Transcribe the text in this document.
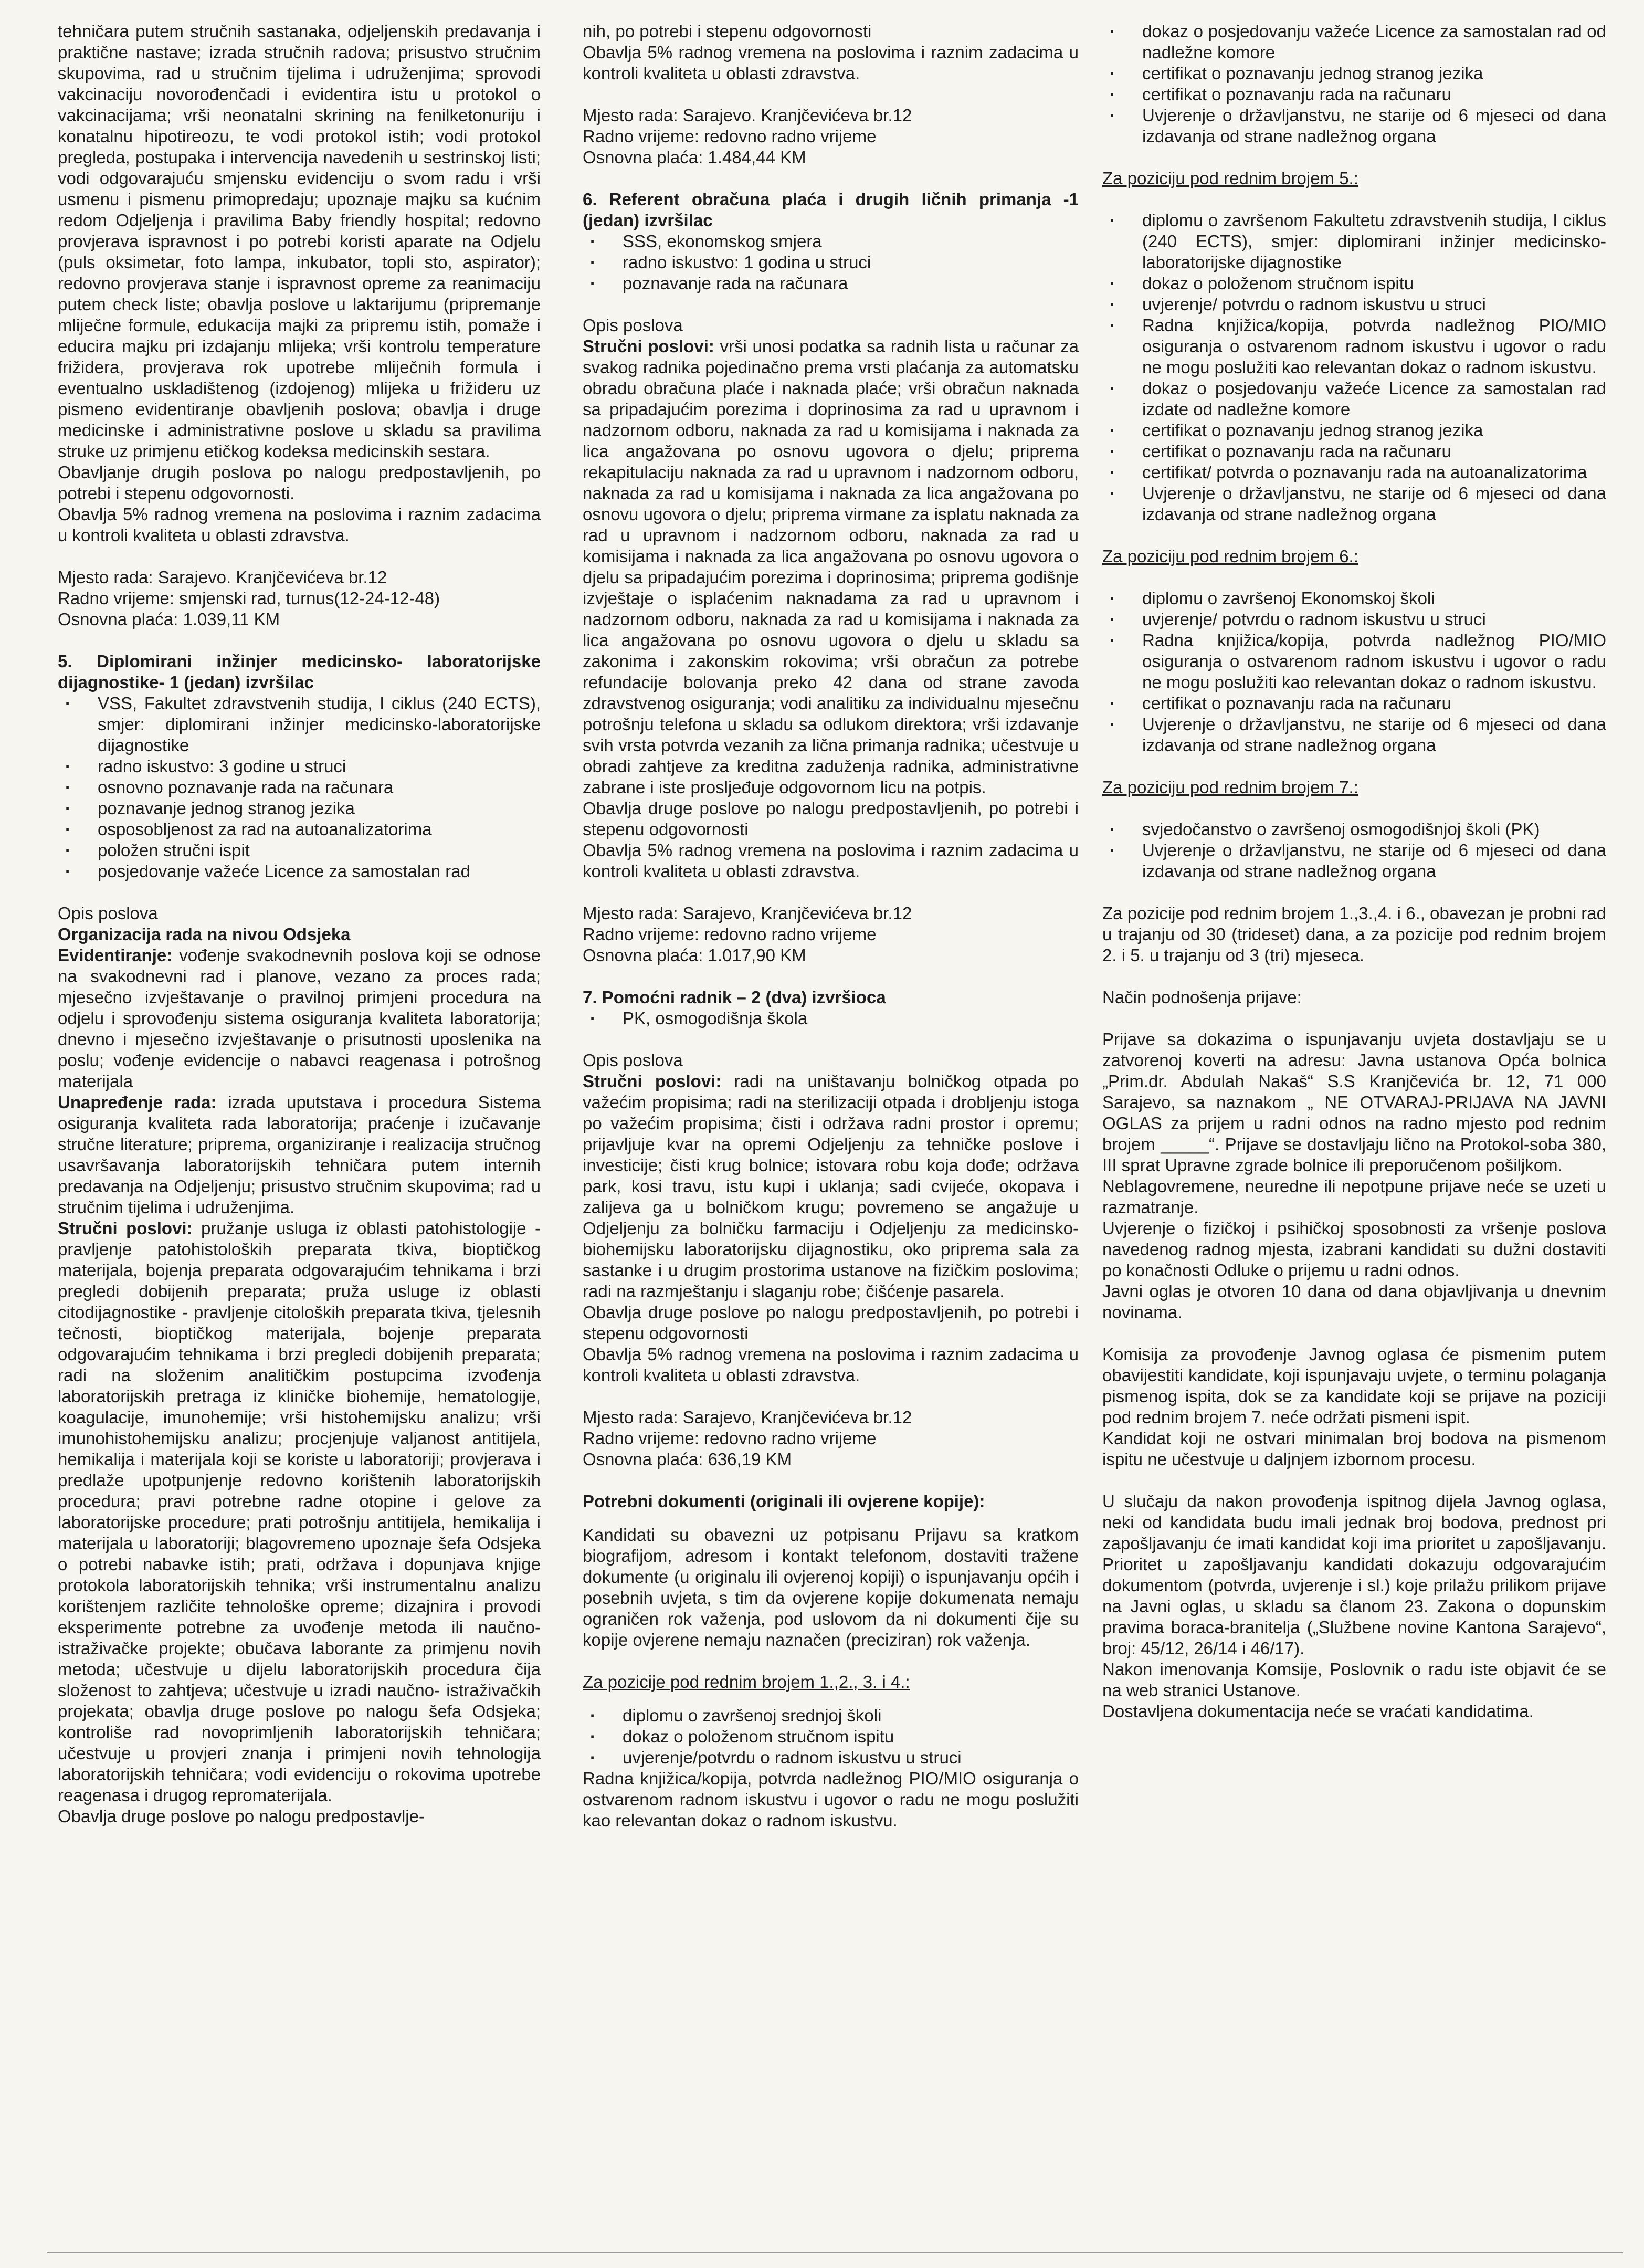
tehničara putem stručnih sastanaka, odjeljenskih predavanja i praktične nastave; izrada stručnih radova; prisustvo stručnim skupovima, rad u stručnim tijelima i udruženjima; sprovodi vakcinaciju novorođenčadi i evidentira istu u protokol o vakcinacijama; vrši neonatalni skrining na fenilketonuriju i konatalnu hipotireozu, te vodi protokol istih; vodi protokol pregleda, postupaka i intervencija navedenih u sestrinskoj listi; vodi odgovarajuću smjensku evidenciju o svom radu i vrši usmenu i pismenu primopredaju; upoznaje majku sa kućnim redom Odjeljenja i pravilima Baby friendly hospital; redovno provjerava ispravnost i po potrebi koristi aparate na Odjelu (puls oksimetar, foto lampa, inkubator, topli sto, aspirator); redovno provjerava stanje i ispravnost opreme za reanimaciju putem check liste; obavlja poslove u laktarijumu (pripremanje mliječne formule, edukacija majki za pripremu istih, pomaže i educira majku pri izdajanju mlijeka; vrši kontrolu temperature frižidera, provjerava rok upotrebe mliječnih formula i eventualno uskladištenog (izdojenog) mlijeka u frižideru uz pismeno evidentiranje obavljenih poslova; obavlja i druge medicinske i administrativne poslove u skladu sa pravilima struke uz primjenu etičkog kodeksa medicinskih sestara.

Obavljanje drugih poslova po nalogu predpostavljenih, po potrebi i stepenu odgovornosti.

Obavlja 5% radnog vremena na poslovima i raznim zadacima u kontroli kvaliteta u oblasti zdravstva.

Mjesto rada: Sarajevo. Kranjčevićeva br.12

Radno vrijeme: smjenski rad, turnus(12-24-12-48)

Osnovna plaća: 1.039,11 KM

5. Diplomirani inžinjer medicinsko- laboratorijske dijagnostike- 1 (jedan) izvršilac

· VSS, Fakultet zdravstvenih studija, I ciklus (240 ECTS), smjer: diplomirani inžinjer medicinsko-laboratorijske dijagnostike
· radno iskustvo: 3 godine u struci
· osnovno poznavanje rada na računara
· poznavanje jednog stranog jezika
· osposobljenost za rad na autoanalizatorima
· položen stručni ispit
· posjedovanje važeće Licence za samostalan rad

Opis poslova

Organizacija rada na nivou Odsjeka

Evidentiranje: vođenje svakodnevnih poslova koji se odnose na svakodnevni rad i planove, vezano za proces rada; mjesečno izvještavanje o pravilnoj primjeni procedura na odjelu i sprovođenju sistema osiguranja kvaliteta laboratorija; dnevno i mjesečno izvještavanje o prisutnosti uposlenika na poslu; vođenje evidencije o nabavci reagenasa i potrošnog materijala

Unapređenje rada: izrada uputstava i procedura Sistema osiguranja kvaliteta rada laboratorija; praćenje i izučavanje stručne literature; priprema, organiziranje i realizacija stručnog usavršavanja laboratorijskih tehničara putem internih predavanja na Odjeljenju; prisustvo stručnim skupovima; rad u stručnim tijelima i udruženjima.

Stručni poslovi: pružanje usluga iz oblasti patohistologije - pravljenje patohistoloških preparata tkiva, bioptičkog materijala, bojenja preparata odgovarajućim tehnikama i brzi pregledi dobijenih preparata; pruža usluge iz oblasti citodijagnostike - pravljenje citoloških preparata tkiva, tjelesnih tečnosti, bioptičkog materijala, bojenje preparata odgovarajućim tehnikama i brzi pregledi dobijenih preparata; radi na složenim analitičkim postupcima izvođenja laboratorijskih pretraga iz kliničke biohemije, hematologije, koagulacije, imunohemije; vrši histohemijsku analizu; vrši imunohistohemijsku analizu; procjenjuje valjanost antitijela, hemikalija i materijala koji se koriste u laboratoriji; provjerava i predlaže upotpunjenje redovno korištenih laboratorijskih procedura; pravi potrebne radne otopine i gelove za laboratorijske procedure; prati potrošnju antitijela, hemikalija i materijala u laboratoriji; blagovremeno upoznaje šefa Odsjeka o potrebi nabavke istih; prati, održava i dopunjava knjige protokola laboratorijskih tehnika; vrši instrumentalnu analizu korištenjem različite tehnološke opreme; dizajnira i provodi eksperimente potrebne za uvođenje metoda ili naučno- istraživačke projekte; obučava laborante za primjenu novih metoda; učestvuje u dijelu laboratorijskih procedura čija složenost to zahtjeva; učestvuje u izradi naučno- istraživačkih projekata; obavlja druge poslove po nalogu šefa Odsjeka; kontroliše rad novoprimljenih laboratorijskih tehničara; učestvuje u provjeri znanja i primjeni novih tehnologija laboratorijskih tehničara; vodi evidenciju o rokovima upotrebe reagenasa i drugog repromaterijala.

Obavlja druge poslove po nalogu predpostavlje-

nih, po potrebi i stepenu odgovornosti

Obavlja 5% radnog vremena na poslovima i raznim zadacima u kontroli kvaliteta u oblasti zdravstva.

Mjesto rada: Sarajevo. Kranjčevićeva br.12

Radno vrijeme: redovno radno vrijeme

Osnovna plaća: 1.484,44 KM

6. Referent obračuna plaća i drugih ličnih primanja -1 (jedan) izvršilac

· SSS, ekonomskog smjera
· radno iskustvo: 1 godina u struci
· poznavanje rada na računara

Opis poslova

Stručni poslovi: vrši unosi podatka sa radnih lista u računar za svakog radnika pojedinačno prema vrsti plaćanja za automatsku obradu obračuna plaće i naknada plaće; vrši obračun naknada sa pripadajućim porezima i doprinosima za rad u upravnom i nadzornom odboru, naknada za rad u komisijama i naknada za lica angažovana po osnovu ugovora o djelu; priprema rekapitulaciju naknada za rad u upravnom i nadzornom odboru, naknada za rad u komisijama i naknada za lica angažovana po osnovu ugovora o djelu; priprema virmane za isplatu naknada za rad u upravnom i nadzornom odboru, naknada za rad u komisijama i naknada za lica angažovana po osnovu ugovora o djelu sa pripadajućim porezima i doprinosima; priprema godišnje izvještaje o isplaćenim naknadama za rad u upravnom i nadzornom odboru, naknada za rad u komisijama i naknada za lica angažovana po osnovu ugovora o djelu u skladu sa zakonima i zakonskim rokovima; vrši obračun za potrebe refundacije bolovanja preko 42 dana od strane zavoda zdravstvenog osiguranja; vodi analitiku za individualnu mjesečnu potrošnju telefona u skladu sa odlukom direktora; vrši izdavanje svih vrsta potvrda vezanih za lična primanja radnika; učestvuje u obradi zahtjeve za kreditna zaduženja radnika, administrativne zabrane i iste prosljeđuje odgovornom licu na potpis.

Obavlja druge poslove po nalogu predpostavljenih, po potrebi i stepenu odgovornosti

Obavlja 5% radnog vremena na poslovima i raznim zadacima u kontroli kvaliteta u oblasti zdravstva.

Mjesto rada: Sarajevo, Kranjčevićeva br.12

Radno vrijeme: redovno radno vrijeme

Osnovna plaća: 1.017,90 KM

7. Pomoćni radnik – 2 (dva) izvršioca

· PK, osmogodišnja škola

Opis poslova

Stručni poslovi: radi na uništavanju bolničkog otpada po važećim propisima; radi na sterilizaciji otpada i drobljenju istoga po važećim propisima; čisti i održava radni prostor i opremu; prijavljuje kvar na opremi Odjeljenju za tehničke poslove i investicije; čisti krug bolnice; istovara robu koja dođe; održava park, kosi travu, istu kupi i uklanja; sadi cvijeće, okopava i zalijeva ga u bolničkom krugu; povremeno se angažuje u Odjeljenju za bolničku farmaciju i Odjeljenju za medicinsko-biohemijsku laboratorijsku dijagnostiku, oko priprema sala za sastanke i u drugim prostorima ustanove na fizičkim poslovima; radi na razmještanju i slaganju robe; čišćenje pasarela.

Obavlja druge poslove po nalogu predpostavljenih, po potrebi i stepenu odgovornosti

Obavlja 5% radnog vremena na poslovima i raznim zadacima u kontroli kvaliteta u oblasti zdravstva.

Mjesto rada: Sarajevo, Kranjčevićeva br.12

Radno vrijeme: redovno radno vrijeme

Osnovna plaća: 636,19 KM

Potrebni dokumenti (originali ili ovjerene kopije):

Kandidati su obavezni uz potpisanu Prijavu sa kratkom biografijom, adresom i kontakt telefonom, dostaviti tražene dokumente (u originalu ili ovjerenoj kopiji) o ispunjavanju općih i posebnih uvjeta, s tim da ovjerene kopije dokumenata nemaju ograničen rok važenja, pod uslovom da ni dokumenti čije su kopije ovjerene nemaju naznačen (preciziran) rok važenja.

Za pozicije pod rednim brojem 1.,2., 3. i 4.:

· diplomu o završenoj srednjoj školi
· dokaz o položenom stručnom ispitu
· uvjerenje/potvrdu o radnom iskustvu u struci

Radna knjižica/kopija, potvrda nadležnog PIO/MIO osiguranja o ostvarenom radnom iskustvu i ugovor o radu ne mogu poslužiti kao relevantan dokaz o radnom iskustvu.

· dokaz o posjedovanju važeće Licence za samostalan rad od nadležne komore
· certifikat o poznavanju jednog stranog jezika
· certifikat o poznavanju rada na računaru
· Uvjerenje o državljanstvu, ne starije od 6 mjeseci od dana izdavanja od strane nadležnog organa

Za poziciju pod rednim brojem 5.:

· diplomu o završenom Fakultetu zdravstvenih studija, I ciklus (240 ECTS), smjer: diplomirani inžinjer medicinsko-laboratorijske dijagnostike
· dokaz o položenom stručnom ispitu
· uvjerenje/ potvrdu o radnom iskustvu u struci
· Radna knjižica/kopija, potvrda nadležnog PIO/MIO osiguranja o ostvarenom radnom iskustvu i ugovor o radu ne mogu poslužiti kao relevantan dokaz o radnom iskustvu.
· dokaz o posjedovanju važeće Licence za samostalan rad izdate od nadležne komore
· certifikat o poznavanju jednog stranog jezika
· certifikat o poznavanju rada na računaru
· certifikat/ potvrda o poznavanju rada na autoanalizatorima
· Uvjerenje o državljanstvu, ne starije od 6 mjeseci od dana izdavanja od strane nadležnog organa

Za poziciju pod rednim brojem 6.:

· diplomu o završenoj Ekonomskoj školi
· uvjerenje/ potvrdu o radnom iskustvu u struci
· Radna knjižica/kopija, potvrda nadležnog PIO/MIO osiguranja o ostvarenom radnom iskustvu i ugovor o radu ne mogu poslužiti kao relevantan dokaz o radnom iskustvu.
· certifikat o poznavanju rada na računaru
· Uvjerenje o državljanstvu, ne starije od 6 mjeseci od dana izdavanja od strane nadležnog organa

Za poziciju pod rednim brojem 7.:

· svjedočanstvo o završenoj osmogodišnjoj školi (PK)
· Uvjerenje o državljanstvu, ne starije od 6 mjeseci od dana izdavanja od strane nadležnog organa

Za pozicije pod rednim brojem 1.,3.,4. i 6., obavezan je probni rad u trajanju od 30 (trideset) dana, a za pozicije pod rednim brojem 2. i 5. u trajanju od 3 (tri) mjeseca.

Način podnošenja prijave:

Prijave sa dokazima o ispunjavanju uvjeta dostavljaju se u zatvorenoj koverti na adresu: Javna ustanova Opća bolnica „Prim.dr. Abdulah Nakaš“ S.S Kranjčevića br. 12, 71 000 Sarajevo, sa naznakom „ NE OTVARAJ-PRIJAVA NA JAVNI OGLAS za prijem u radni odnos na radno mjesto pod rednim brojem _____“. Prijave se dostavljaju lično na Protokol-soba 380, III sprat Upravne zgrade bolnice ili preporučenom pošiljkom.

Neblagovremene, neuredne ili nepotpune prijave neće se uzeti u razmatranje.

Uvjerenje o fizičkoj i psihičkoj sposobnosti za vršenje poslova navedenog radnog mjesta, izabrani kandidati su dužni dostaviti po konačnosti Odluke o prijemu u radni odnos.

Javni oglas je otvoren 10 dana od dana objavljivanja u dnevnim novinama.

Komisija za provođenje Javnog oglasa će pismenim putem obavijestiti kandidate, koji ispunjavaju uvjete, o terminu polaganja pismenog ispita, dok se za kandidate koji se prijave na poziciji pod rednim brojem 7. neće održati pismeni ispit.

Kandidat koji ne ostvari minimalan broj bodova na pismenom ispitu ne učestvuje u daljnjem izbornom procesu.

U slučaju da nakon provođenja ispitnog dijela Javnog oglasa, neki od kandidata budu imali jednak broj bodova, prednost pri zapošljavanju će imati kandidat koji ima prioritet u zapošljavanju. Prioritet u zapošljavanju kandidati dokazuju odgovarajućim dokumentom (potvrda, uvjerenje i sl.) koje prilažu prilikom prijave na Javni oglas, u skladu sa članom 23. Zakona o dopunskim pravima boraca-branitelja („Službene novine Kantona Sarajevo“, broj: 45/12, 26/14 i 46/17).

Nakon imenovanja Komsije, Poslovnik o radu iste objavit će se na web stranici Ustanove.

Dostavljena dokumentacija neće se vraćati kandidatima.
